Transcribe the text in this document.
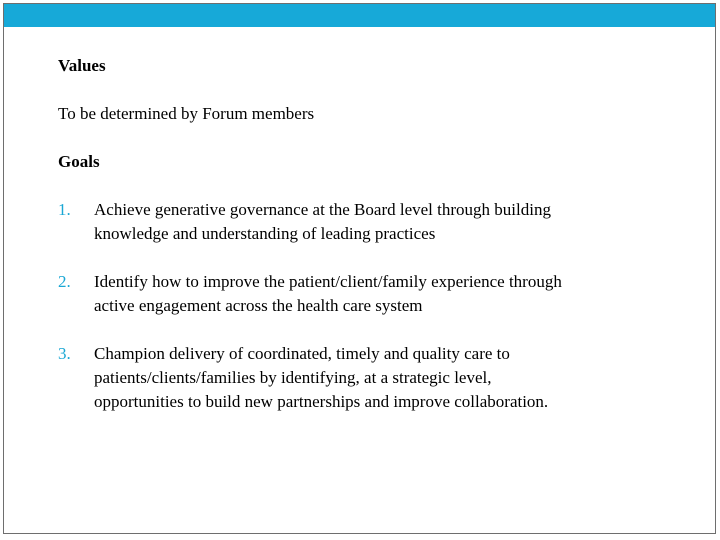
Values

To be determined by Forum members

Goals

1. Achieve generative governance at the Board level through building
knowledge and understanding of leading practices
2. Identify how to improve the patient/client/family experience through
active engagement across the health care system
3. Champion delivery of coordinated, timely and quality care to
patients/clients/families by identifying, at a strategic level,
opportunities to build new partnerships and improve collaboration.
